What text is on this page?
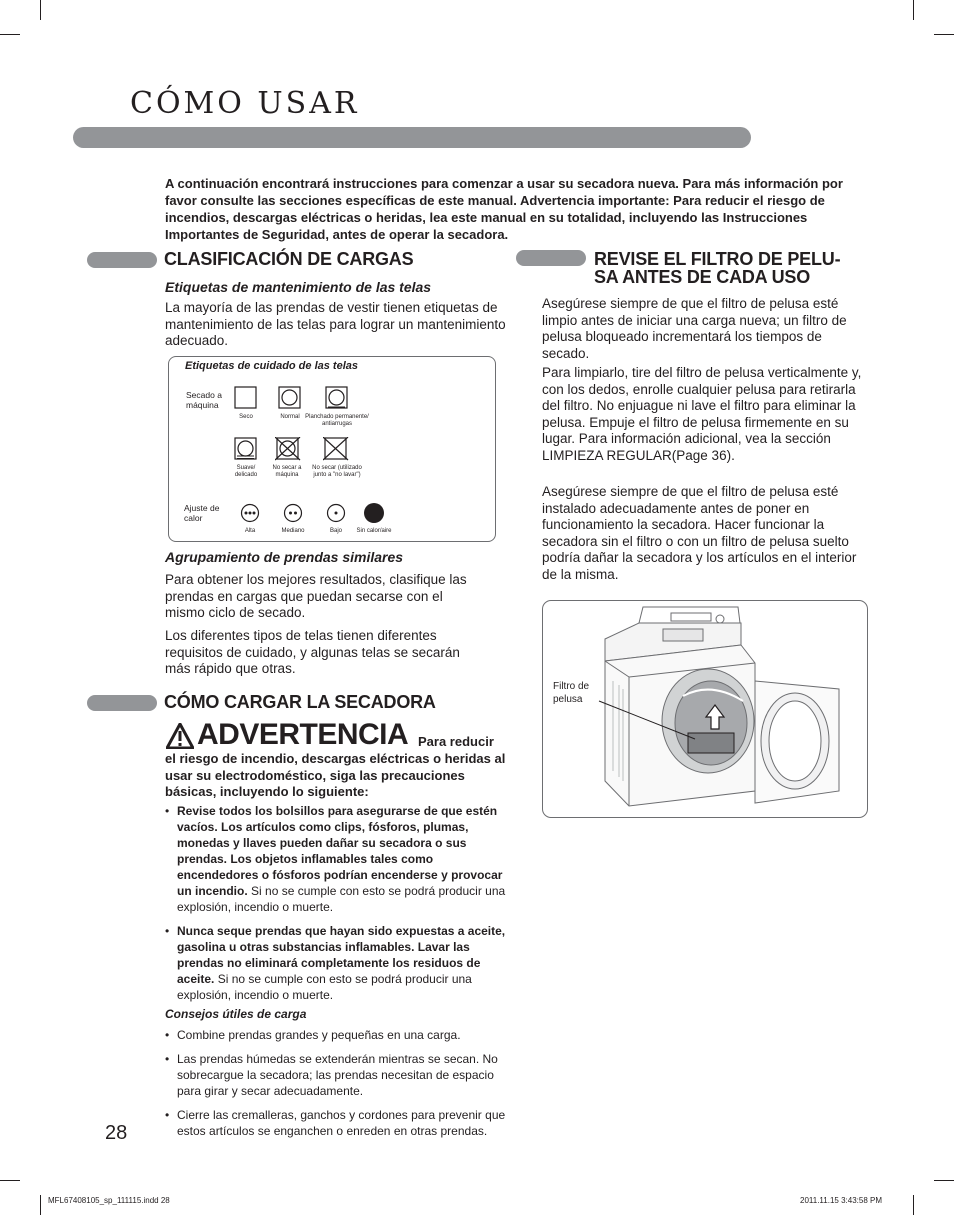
CÓMO USAR
A continuación encontrará instrucciones para comenzar a usar su secadora nueva. Para más información por favor consulte las secciones específicas de este manual. Advertencia importante: Para reducir el riesgo de incendios, descargas eléctricas o heridas, lea este manual en su totalidad, incluyendo las Instrucciones Importantes de Seguridad, antes de operar la secadora.
CLASIFICACIÓN DE CARGAS
Etiquetas de mantenimiento de las telas
La mayoría de las prendas de vestir tienen etiquetas de mantenimiento de las telas para lograr un mantenimiento adecuado.
Etiquetas de cuidado de las telas
Secado a máquina
Seco	Normal Planchado permanente/ antiarrugas
Suave/ delicado
No secar a máquina
No secar (utilizado junto a "no lavar")
Ajuste de calor
Alta	Mediano	Bajo	Sin calor/aire
Agrupamiento de prendas similares
Para obtener los mejores resultados, clasifique las prendas en cargas que puedan secarse con el mismo ciclo de secado.
Los diferentes tipos de telas tienen diferentes requisitos de cuidado, y algunas telas se secarán más rápido que otras.
CÓMO CARGAR LA SECADORA
ADVERTENCIA Para reducir
el riesgo de incendio, descargas eléctricas o heridas al usar su electrodoméstico, siga las precauciones básicas, incluyendo lo siguiente:
• Revise todos los bolsillos para asegurarse de que estén vacíos. Los artículos como clips, fósforos, plumas, monedas y llaves pueden dañar su secadora o sus prendas. Los objetos inflamables tales como encendedores o fósforos podrían encenderse y provocar un incendio. Si no se cumple con esto se podrá producir una explosión, incendio o muerte.
• Nunca seque prendas que hayan sido expuestas a aceite, gasolina u otras substancias inflamables. Lavar las prendas no eliminará completamente los residuos de aceite. Si no se cumple con esto se podrá producir una explosión, incendio o muerte.
Consejos útiles de carga
• Combine prendas grandes y pequeñas en una carga.
• Las prendas húmedas se extenderán mientras se secan. No sobrecargue la secadora; las prendas necesitan de espacio para girar y secar adecuadamente.
• Cierre las cremalleras, ganchos y cordones para prevenir que estos artículos se enganchen o enreden en otras prendas.
REVISE EL FILTRO DE PELU-
SA ANTES DE CADA USO
Asegúrese siempre de que el filtro de pelusa esté limpio antes de iniciar una carga nueva; un filtro de pelusa bloqueado incrementará los tiempos de secado.
Para limpiarlo, tire del filtro de pelusa verticalmente y, con los dedos, enrolle cualquier pelusa para retirarla del filtro. No enjuague ni lave el filtro para eliminar la pelusa. Empuje el filtro de pelusa firmemente en su lugar. Para información adicional, vea la sección LIMPIEZA REGULAR(Page 36).
Asegúrese siempre de que el filtro de pelusa esté instalado adecuadamente antes de poner en funcionamiento la secadora. Hacer funcionar la secadora sin el filtro o con un filtro de pelusa suelto podría dañar la secadora y los artículos en el interior de la misma.
Filtro de pelusa
28
MFL67408105_sp_111115.indd 28	2011.11.15 3:43:58 PM
